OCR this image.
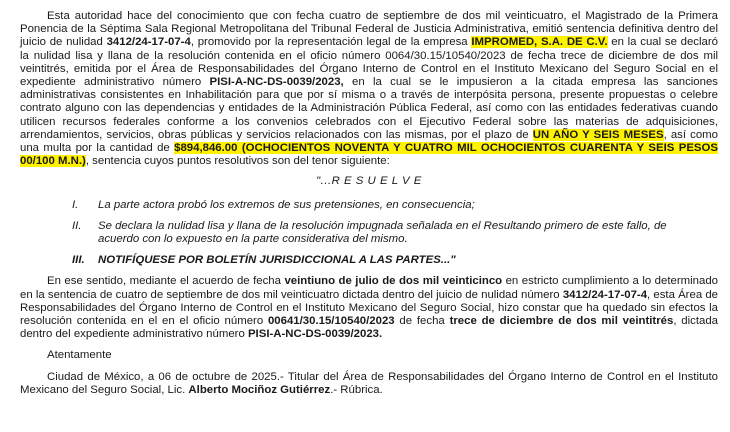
Esta autoridad hace del conocimiento que con fecha cuatro de septiembre de dos mil veinticuatro, el Magistrado de la Primera Ponencia de la Séptima Sala Regional Metropolitana del Tribunal Federal de Justicia Administrativa, emitió sentencia definitiva dentro del juicio de nulidad 3412/24-17-07-4, promovido por la representación legal de la empresa IMPROMED, S.A. DE C.V. en la cual se declaró la nulidad lisa y llana de la resolución contenida en el oficio número 0064/30.15/10540/2023 de fecha trece de diciembre de dos mil veintitrés, emitida por el Área de Responsabilidades del Órgano Interno de Control en el Instituto Mexicano del Seguro Social en el expediente administrativo número PISI-A-NC-DS-0039/2023, en la cual se le impusieron a la citada empresa las sanciones administrativas consistentes en Inhabilitación para que por sí misma o a través de interpósita persona, presente propuestas o celebre contrato alguno con las dependencias y entidades de la Administración Pública Federal, así como con las entidades federativas cuando utilicen recursos federales conforme a los convenios celebrados con el Ejecutivo Federal sobre las materias de adquisiciones, arrendamientos, servicios, obras públicas y servicios relacionados con las mismas, por el plazo de UN AÑO Y SEIS MESES, así como una multa por la cantidad de $894,846.00 (OCHOCIENTOS NOVENTA Y CUATRO MIL OCHOCIENTOS CUARENTA Y SEIS PESOS 00/100 M.N.), sentencia cuyos puntos resolutivos son del tenor siguiente:

"...R E S U E L V E
I.	La parte actora probó los extremos de sus pretensiones, en consecuencia;
II.	Se declara la nulidad lisa y llana de la resolución impugnada señalada en el Resultando primero de este fallo, de acuerdo con lo expuesto en la parte considerativa del mismo.
III.	NOTIFÍQUESE POR BOLETÍN JURISDICCIONAL A LAS PARTES..."

En ese sentido, mediante el acuerdo de fecha veintiuno de julio de dos mil veinticinco en estricto cumplimiento a lo determinado en la sentencia de cuatro de septiembre de dos mil veinticuatro dictada dentro del juicio de nulidad número 3412/24-17-07-4, esta Área de Responsabilidades del Órgano Interno de Control en el Instituto Mexicano del Seguro Social, hizo constar que ha quedado sin efectos la resolución contenida en el en el oficio número 00641/30.15/10540/2023 de fecha trece de diciembre de dos mil veintitrés, dictada dentro del expediente administrativo número PISI-A-NC-DS-0039/2023.

Atentamente

Ciudad de México, a 06 de octubre de 2025.- Titular del Área de Responsabilidades del Órgano Interno de Control en el Instituto Mexicano del Seguro Social, Lic. Alberto Mociñoz Gutiérrez.- Rúbrica.
